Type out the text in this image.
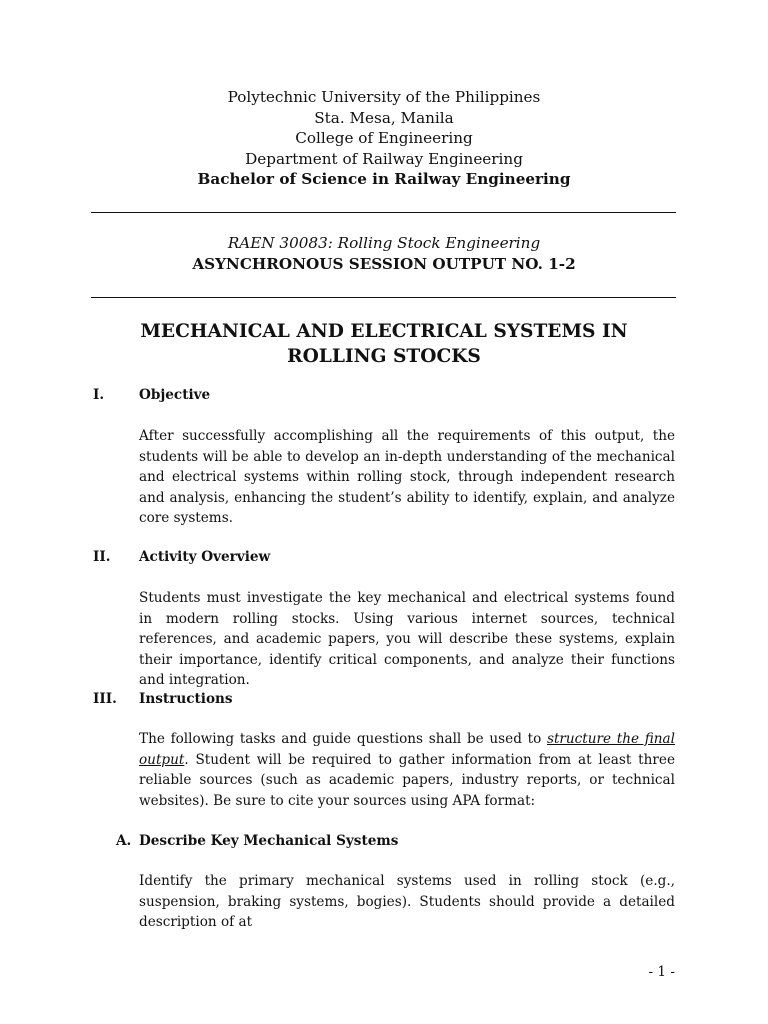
Polytechnic University of the Philippines
Sta. Mesa, Manila
College of Engineering
Department of Railway Engineering
Bachelor of Science in Railway Engineering
RAEN 30083: Rolling Stock Engineering
ASYNCHRONOUS SESSION OUTPUT NO. 1-2
MECHANICAL AND ELECTRICAL SYSTEMS IN
ROLLING STOCKS
I.	Objective
After successfully accomplishing all the requirements of this output, the students will be able to develop an in-depth understanding of the mechanical and electrical systems within rolling stock, through independent research and analysis, enhancing the student’s ability to identify, explain, and analyze core systems.
II. Activity Overview
Students must investigate the key mechanical and electrical systems found in modern rolling stocks. Using various internet sources, technical references, and academic papers, you will describe these systems, explain their importance, identify critical components, and analyze their functions and integration.
III. Instructions
The following tasks and guide questions shall be used to structure the final output. Student will be required to gather information from at least three reliable sources (such as academic papers, industry reports, or technical websites). Be sure to cite your sources using APA format:
A. Describe Key Mechanical Systems
Identify the primary mechanical systems used in rolling stock (e.g., suspension, braking systems, bogies). Students should provide a detailed description of at
- 1 -
